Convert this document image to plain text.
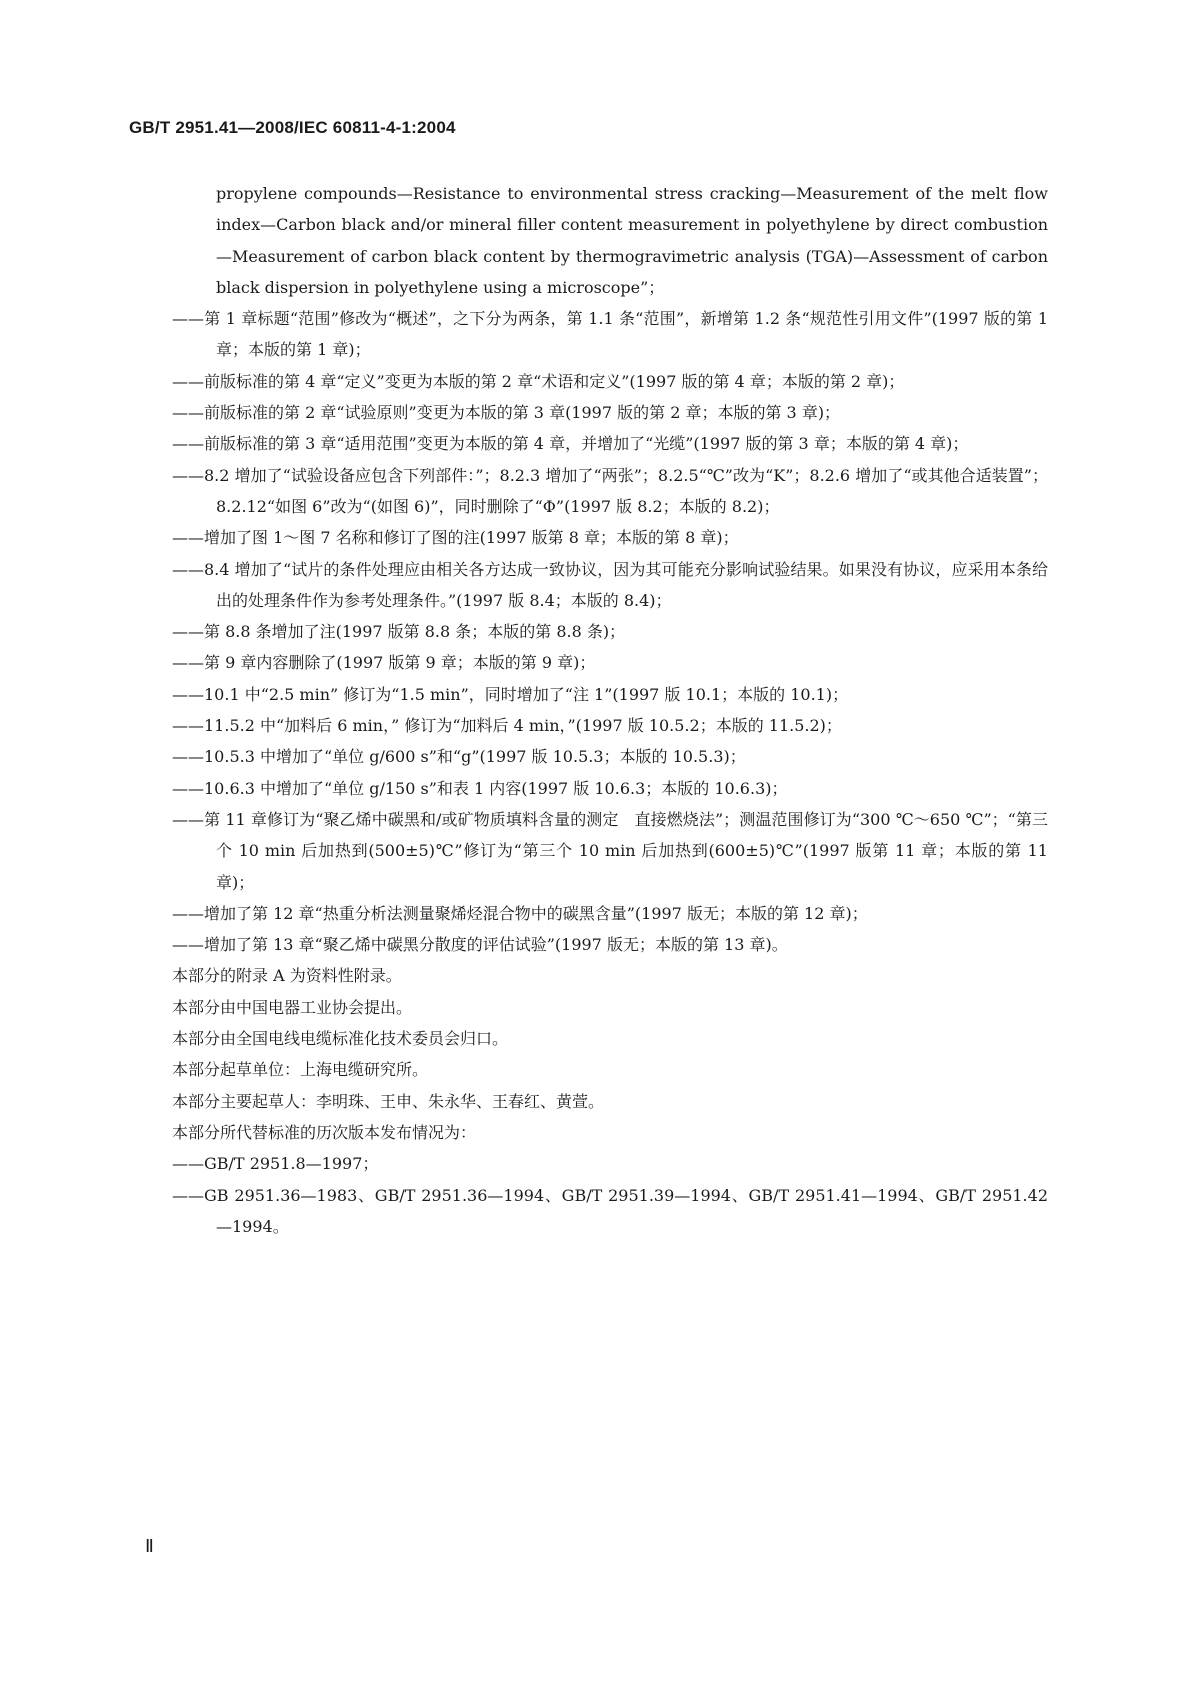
GB/T 2951.41—2008/IEC 60811-4-1:2004
propylene compounds—Resistance to environmental stress cracking—Measurement of the melt flow index—Carbon black and/or mineral filler content measurement in polyethylene by direct combustion—Measurement of carbon black content by thermogravimetric analysis (TGA)—Assessment of carbon black dispersion in polyethylene using a microscope”；
——第 1 章标题“范围”修改为“概述”，之下分为两条，第 1.1 条“范围”，新增第 1.2 条“规范性引用文件”(1997 版的第 1 章；本版的第 1 章)；
——前版标准的第 4 章“定义”变更为本版的第 2 章“术语和定义”(1997 版的第 4 章；本版的第 2 章)；
——前版标准的第 2 章“试验原则”变更为本版的第 3 章(1997 版的第 2 章；本版的第 3 章)；
——前版标准的第 3 章“适用范围”变更为本版的第 4 章，并增加了“光缆”(1997 版的第 3 章；本版的第 4 章)；
——8.2 增加了“试验设备应包含下列部件：”；8.2.3 增加了“两张”；8.2.5“℃”改为“K”；8.2.6 增加了“或其他合适装置”；8.2.12“如图 6”改为“(如图 6)”，同时删除了“Φ”(1997 版 8.2；本版的 8.2)；
——增加了图 1～图 7 名称和修订了图的注(1997 版第 8 章；本版的第 8 章)；
——8.4 增加了“试片的条件处理应由相关各方达成一致协议，因为其可能充分影响试验结果。如果没有协议，应采用本条给出的处理条件作为参考处理条件。”(1997 版 8.4；本版的 8.4)；
——第 8.8 条增加了注(1997 版第 8.8 条；本版的第 8.8 条)；
——第 9 章内容删除了(1997 版第 9 章；本版的第 9 章)；
——10.1 中“2.5 min” 修订为“1.5 min”，同时增加了“注 1”(1997 版 10.1；本版的 10.1)；
——11.5.2 中“加料后 6 min，” 修订为“加料后 4 min，”(1997 版 10.5.2；本版的 11.5.2)；
——10.5.3 中增加了“单位 g/600 s”和“g”(1997 版 10.5.3；本版的 10.5.3)；
——10.6.3 中增加了“单位 g/150 s”和表 1 内容(1997 版 10.6.3；本版的 10.6.3)；
——第 11 章修订为“聚乙烯中碳黑和/或矿物质填料含量的测定　直接燃烧法”；测温范围修订为“300 ℃～650 ℃”；“第三个 10 min 后加热到(500±5)℃”修订为“第三个 10 min 后加热到(600±5)℃”(1997 版第 11 章；本版的第 11 章)；
——增加了第 12 章“热重分析法测量聚烯烃混合物中的碳黑含量”(1997 版无；本版的第 12 章)；
——增加了第 13 章“聚乙烯中碳黑分散度的评估试验”(1997 版无；本版的第 13 章)。
本部分的附录 A 为资料性附录。
本部分由中国电器工业协会提出。
本部分由全国电线电缆标准化技术委员会归口。
本部分起草单位：上海电缆研究所。
本部分主要起草人：李明珠、王申、朱永华、王春红、黄萱。
本部分所代替标准的历次版本发布情况为：
——GB/T 2951.8—1997；
——GB 2951.36—1983、GB/T 2951.36—1994、GB/T 2951.39—1994、GB/T 2951.41—1994、GB/T 2951.42—1994。
Ⅱ
